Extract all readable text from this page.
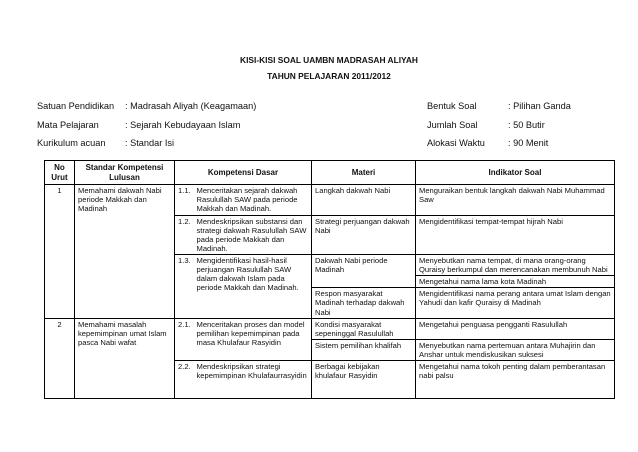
KISI-KISI SOAL UAMBN MADRASAH ALIYAH
TAHUN PELAJARAN 2011/2012
Satuan Pendidikan : Madrasah Aliyah (Keagamaan)
Mata Pelajaran	: Sejarah Kebudayaan Islam
Kurikulum acuan : Standar Isi
Bentuk Soal	: Pilihan Ganda
Jumlah Soal	: 50 Butir
Alokasi Waktu	: 90 Menit
No Urut	Standar Kompetensi Lulusan	Kompetensi Dasar		Materi	Indikator Soal
1	Memahami dakwah Nabi periode Makkah dan Madinah	1.1.	Menceritakan sejarah dakwah Rasulullah SAW pada periode Makkah dan Madinah.	Langkah dakwah Nabi	Menguraikan bentuk langkah dakwah Nabi Muhammad Saw
		1.2.	Mendeskripsikan substansi dan strategi dakwah Rasulullah SAW pada periode Makkah dan Madinah.	Strategi perjuangan dakwah Nabi	Mengidentifikasi tempat-tempat hijrah Nabi
		1.3.	Mengidentifikasi hasil-hasil perjuangan Rasulullah SAW dalam dakwah Islam pada periode Makkah dan Madinah.	Dakwah Nabi periode Madinah	Menyebutkan nama tempat, di mana orang-orang Quraisy berkumpul dan merencanakan membunuh Nabi
					Mengetahui nama lama kota Madinah
				Respon masyarakat Madinah terhadap dakwah Nabi	Mengidentifikasi nama perang antara umat Islam dengan Yahudi dan kafir Quraisy di Madinah
2	Memahami masalah kepemimpinan umat Islam pasca Nabi wafat	2.1.	Menceritakan proses dan model pemilihan kepemimpinan pada masa Khulafaur Rasyidin	Kondisi masyarakat sepeninggal Rasulullah	Mengetahui penguasa pengganti Rasulullah
				Sistem pemilihan khalifah	Menyebutkan nama pertemuan antara Muhajirin dan Anshar untuk mendiskusikan suksesi
		2.2.	Mendeskripsikan strategi kepemimpinan Khulafaurrasyidin	Berbagai kebijakan khulafaur Rasyidin	Mengetahui nama tokoh penting dalam pemberantasan nabi palsu
